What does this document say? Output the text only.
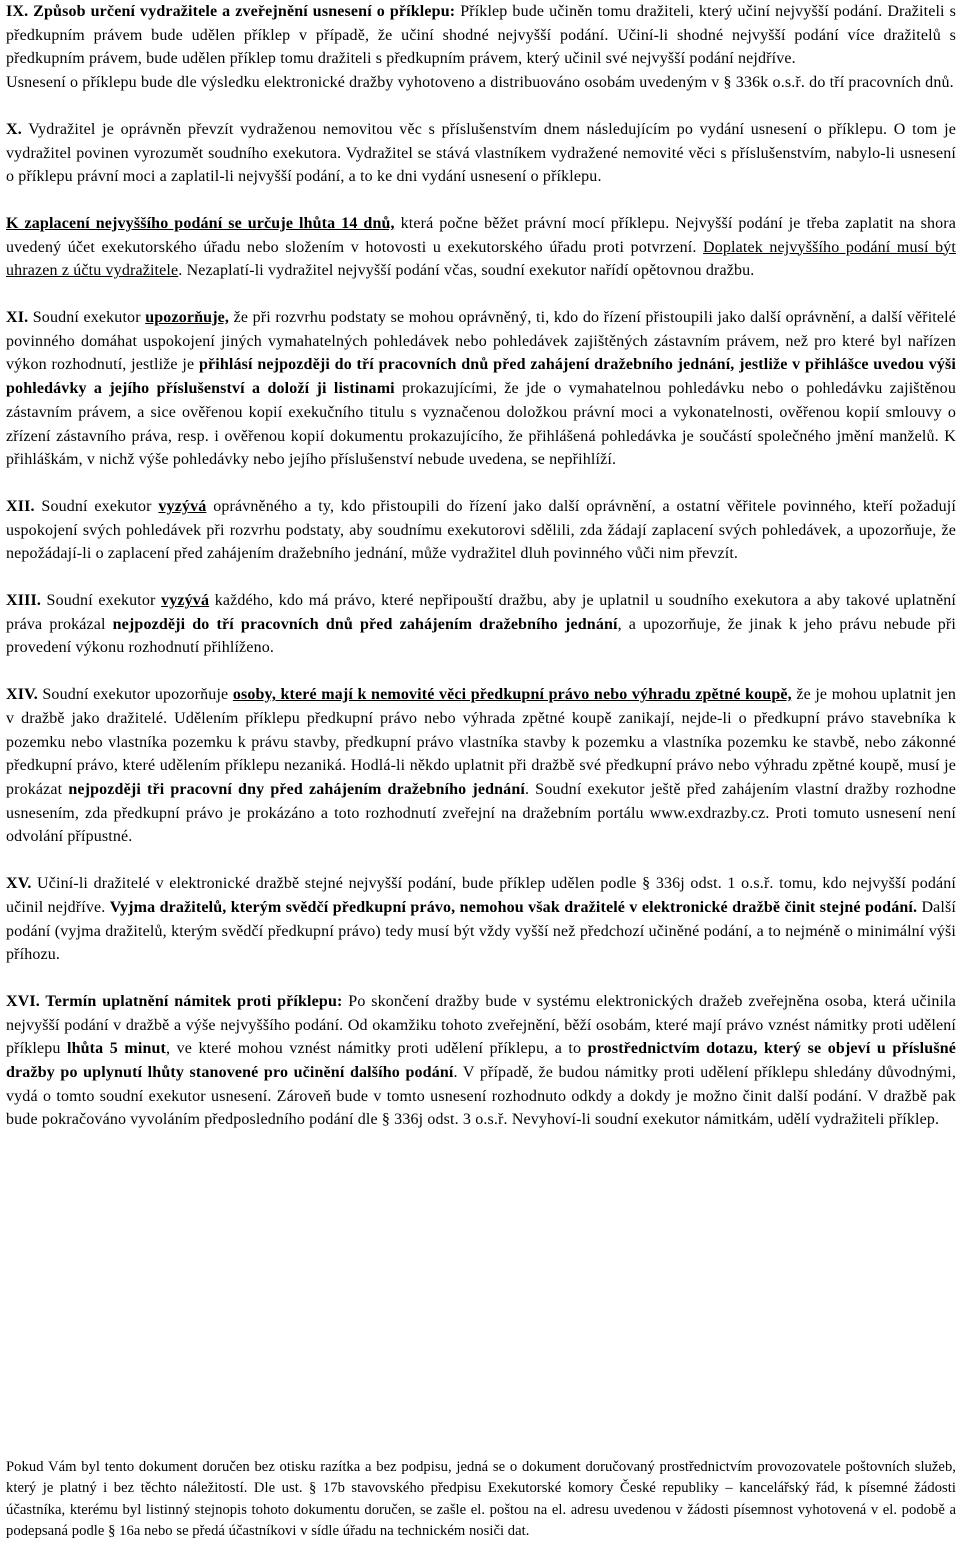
IX. Způsob určení vydražitele a zveřejnění usnesení o příklepu: Příklep bude učiněn tomu dražiteli, který učiní nejvyšší podání. Dražiteli s předkupním právem bude udělen příklep v případě, že učiní shodné nejvyšší podání. Učiní-li shodné nejvyšší podání více dražitelů s předkupním právem, bude udělen příklep tomu dražiteli s předkupním právem, který učinil své nejvyšší podání nejdříve.

Usnesení o příklepu bude dle výsledku elektronické dražby vyhotoveno a distribuováno osobám uvedeným v § 336k o.s.ř. do tří pracovních dnů.

X. Vydražitel je oprávněn převzít vydraženou nemovitou věc s příslušenstvím dnem následujícím po vydání usnesení o příklepu. O tom je vydražitel povinen vyrozumět soudního exekutora. Vydražitel se stává vlastníkem vydražené nemovité věci s příslušenstvím, nabylo-li usnesení o příklepu právní moci a zaplatil-li nejvyšší podání, a to ke dni vydání usnesení o příklepu.

K zaplacení nejvyššího podání se určuje lhůta 14 dnů, která počne běžet právní mocí příklepu. Nejvyšší podání je třeba zaplatit na shora uvedený účet exekutorského úřadu nebo složením v hotovosti u exekutorského úřadu proti potvrzení. Doplatek nejvyššího podání musí být uhrazen z účtu vydražitele. Nezaplatí-li vydražitel nejvyšší podání včas, soudní exekutor nařídí opětovnou dražbu.

XI. Soudní exekutor upozorňuje, že při rozvrhu podstaty se mohou oprávněný, ti, kdo do řízení přistoupili jako další oprávnění, a další věřitelé povinného domáhat uspokojení jiných vymahatelných pohledávek nebo pohledávek zajištěných zástavním právem, než pro které byl nařízen výkon rozhodnutí, jestliže je přihlásí nejpozději do tří pracovních dnů před zahájení dražebního jednání, jestliže v přihlášce uvedou výši pohledávky a jejího příslušenství a doloží ji listinami prokazujícími, že jde o vymahatelnou pohledávku nebo o pohledávku zajištěnou zástavním právem, a sice ověřenou kopií exekučního titulu s vyznačenou doložkou právní moci a vykonatelnosti, ověřenou kopií smlouvy o zřízení zástavního práva, resp. i ověřenou kopií dokumentu prokazujícího, že přihlášená pohledávka je součástí společného jmění manželů. K přihláškám, v nichž výše pohledávky nebo jejího příslušenství nebude uvedena, se nepřihlíží.

XII. Soudní exekutor vyzývá oprávněného a ty, kdo přistoupili do řízení jako další oprávnění, a ostatní věřitele povinného, kteří požadují uspokojení svých pohledávek při rozvrhu podstaty, aby soudnímu exekutorovi sdělili, zda žádají zaplacení svých pohledávek, a upozorňuje, že nepožádají-li o zaplacení před zahájením dražebního jednání, může vydražitel dluh povinného vůči nim převzít.

XIII. Soudní exekutor vyzývá každého, kdo má právo, které nepřipouští dražbu, aby je uplatnil u soudního exekutora a aby takové uplatnění práva prokázal nejpozději do tří pracovních dnů před zahájením dražebního jednání, a upozorňuje, že jinak k jeho právu nebude při provedení výkonu rozhodnutí přihlíženo.

XIV. Soudní exekutor upozorňuje osoby, které mají k nemovité věci předkupní právo nebo výhradu zpětné koupě, že je mohou uplatnit jen v dražbě jako dražitelé. Udělením příklepu předkupní právo nebo výhrada zpětné koupě zanikají, nejde-li o předkupní právo stavebníka k pozemku nebo vlastníka pozemku k právu stavby, předkupní právo vlastníka stavby k pozemku a vlastníka pozemku ke stavbě, nebo zákonné předkupní právo, které udělením příklepu nezaniká. Hodlá-li někdo uplatnit při dražbě své předkupní právo nebo výhradu zpětné koupě, musí je prokázat nejpozději tři pracovní dny před zahájením dražebního jednání. Soudní exekutor ještě před zahájením vlastní dražby rozhodne usnesením, zda předkupní právo je prokázáno a toto rozhodnutí zveřejní na dražebním portálu www.exdrazby.cz. Proti tomuto usnesení není odvolání přípustné.

XV. Učiní-li dražitelé v elektronické dražbě stejné nejvyšší podání, bude příklep udělen podle § 336j odst. 1 o.s.ř. tomu, kdo nejvyšší podání učinil nejdříve. Vyjma dražitelů, kterým svědčí předkupní právo, nemohou však dražitelé v elektronické dražbě činit stejné podání. Další podání (vyjma dražitelů, kterým svědčí předkupní právo) tedy musí být vždy vyšší než předchozí učiněné podání, a to nejméně o minimální výši příhozu.

XVI. Termín uplatnění námitek proti příklepu: Po skončení dražby bude v systému elektronických dražeb zveřejněna osoba, která učinila nejvyšší podání v dražbě a výše nejvyššího podání. Od okamžiku tohoto zveřejnění, běží osobám, které mají právo vznést námitky proti udělení příklepu lhůta 5 minut, ve které mohou vznést námitky proti udělení příklepu, a to prostřednictvím dotazu, který se objeví u příslušné dražby po uplynutí lhůty stanovené pro učinění dalšího podání. V případě, že budou námitky proti udělení příklepu shledány důvodnými, vydá o tomto soudní exekutor usnesení. Zároveň bude v tomto usnesení rozhodnuto odkdy a dokdy je možno činit další podání. V dražbě pak bude pokračováno vyvoláním předposledního podání dle § 336j odst. 3 o.s.ř. Nevyhoví-li soudní exekutor námitkám, udělí vydražiteli příklep.

Pokud Vám byl tento dokument doručen bez otisku razítka a bez podpisu, jedná se o dokument doručovaný prostřednictvím provozovatele poštovních služeb, který je platný i bez těchto náležitostí. Dle ust. § 17b stavovského předpisu Exekutorské komory České republiky – kancelářský řád, k písemné žádosti účastníka, kterému byl listinný stejnopis tohoto dokumentu doručen, se zašle el. poštou na el. adresu uvedenou v žádosti písemnost vyhotovená v el. podobě a podepsaná podle § 16a nebo se předá účastníkovi v sídle úřadu na technickém nosiči dat.
